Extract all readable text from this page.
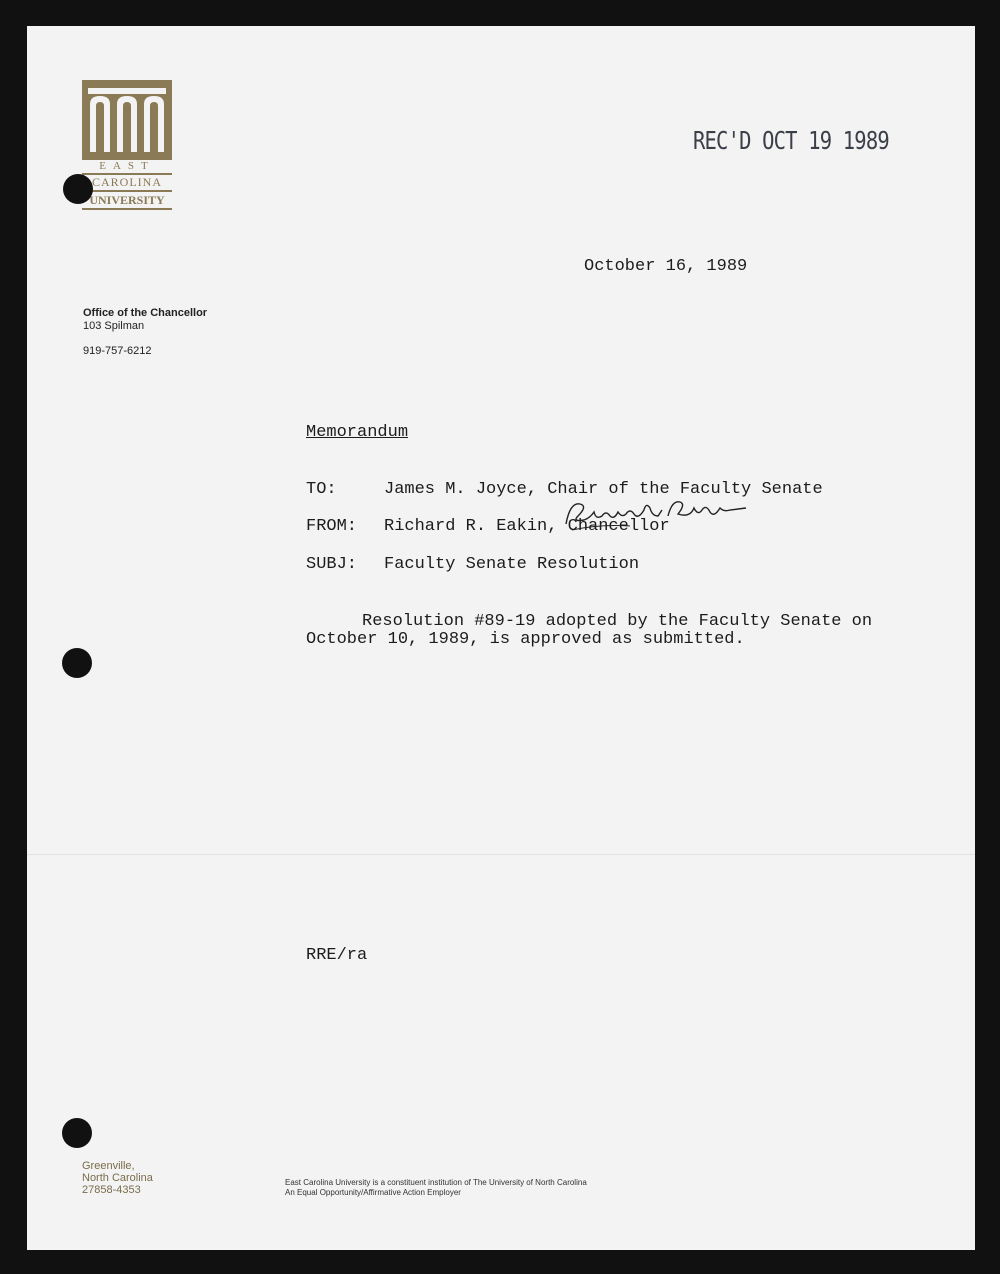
EAST
CAROLINA
UNIVERSITY
REC'D OCT 19 1989
October 16, 1989
Office of the Chancellor
103 Spilman
919-757-6212
Memorandum
TO:	James M. Joyce, Chair of the Faculty Senate
FROM: Richard R. Eakin, Chancellor
SUBJ: Faculty Senate Resolution
Resolution #89-19 adopted by the Faculty Senate on
October 10, 1989, is approved as submitted.
RRE/ra
Greenville,
North Carolina
27858-4353
East Carolina University is a constituent institution of The University of North Carolina
An Equal Opportunity/Affirmative Action Employer
